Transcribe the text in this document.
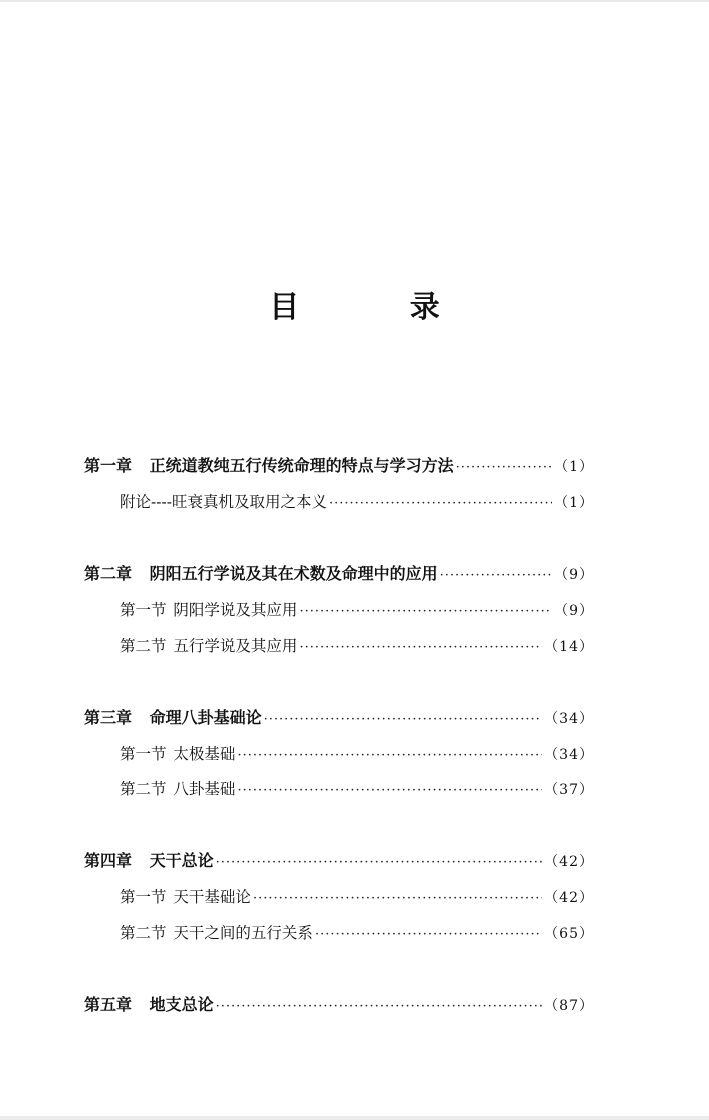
目 录
第一章 正统道教纯五行传统命理的特点与学习方法 ·····	（1）
附论----旺衰真机及取用之本义 ·····	（1）
第二章 阴阳五行学说及其在术数及命理中的应用 ·····	（9）
第一节 阴阳学说及其应用 ·····	（9）
第二节 五行学说及其应用 ·····	（14）
第三章 命理八卦基础论 ·····	（34）
第一节 太极基础 ·····	（34）
第二节 八卦基础 ·····	（37）
第四章 天干总论 ·····	（42）
第一节 天干基础论 ·····	（42）
第二节 天干之间的五行关系 ·····	（65）
第五章 地支总论 ·····	（87）
